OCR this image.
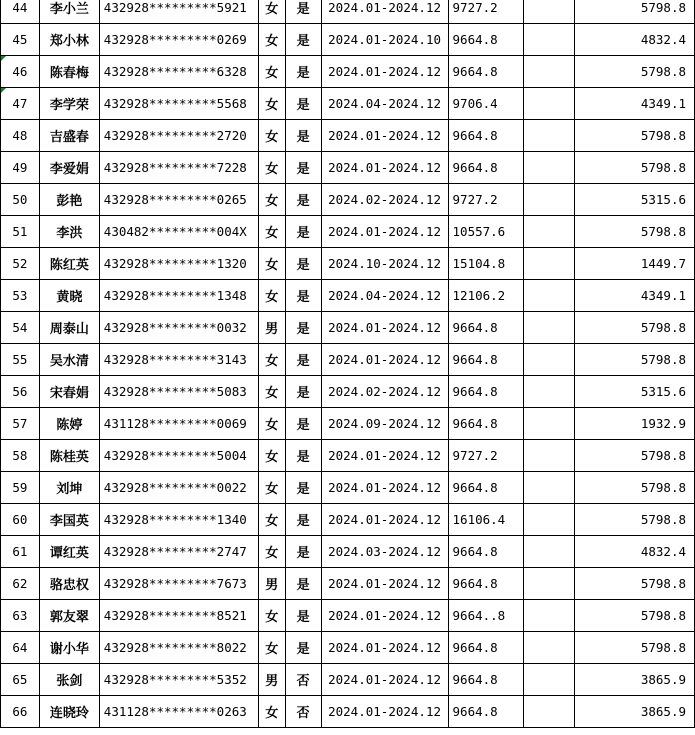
44	李小兰	432928*********5921	女	是	2024.01-2024.12	9727.2		5798.8
45	郑小林	432928*********0269	女	是	2024.01-2024.10	9664.8		4832.4
46	陈春梅	432928*********6328	女	是	2024.01-2024.12	9664.8		5798.8
47	李学荣	432928*********5568	女	是	2024.04-2024.12	9706.4		4349.1
48	吉盛春	432928*********2720	女	是	2024.01-2024.12	9664.8		5798.8
49	李爱娟	432928*********7228	女	是	2024.01-2024.12	9664.8		5798.8
50	彭艳	432928*********0265	女	是	2024.02-2024.12	9727.2		5315.6
51	李洪	430482*********004X	女	是	2024.01-2024.12	10557.6		5798.8
52	陈红英	432928*********1320	女	是	2024.10-2024.12	15104.8		1449.7
53	黄晓	432928*********1348	女	是	2024.04-2024.12	12106.2		4349.1
54	周泰山	432928*********0032	男	是	2024.01-2024.12	9664.8		5798.8
55	吴水清	432928*********3143	女	是	2024.01-2024.12	9664.8		5798.8
56	宋春娟	432928*********5083	女	是	2024.02-2024.12	9664.8		5315.6
57	陈婷	431128*********0069	女	是	2024.09-2024.12	9664.8		1932.9
58	陈桂英	432928*********5004	女	是	2024.01-2024.12	9727.2		5798.8
59	刘坤	432928*********0022	女	是	2024.01-2024.12	9664.8		5798.8
60	李国英	432928*********1340	女	是	2024.01-2024.12	16106.4		5798.8
61	谭红英	432928*********2747	女	是	2024.03-2024.12	9664.8		4832.4
62	骆忠权	432928*********7673	男	是	2024.01-2024.12	9664.8		5798.8
63	郭友翠	432928*********8521	女	是	2024.01-2024.12	9664..8		5798.8
64	谢小华	432928*********8022	女	是	2024.01-2024.12	9664.8		5798.8
65	张剑	432928*********5352	男	否	2024.01-2024.12	9664.8		3865.9
66	连晓玲	431128*********0263	女	否	2024.01-2024.12	9664.8		3865.9
